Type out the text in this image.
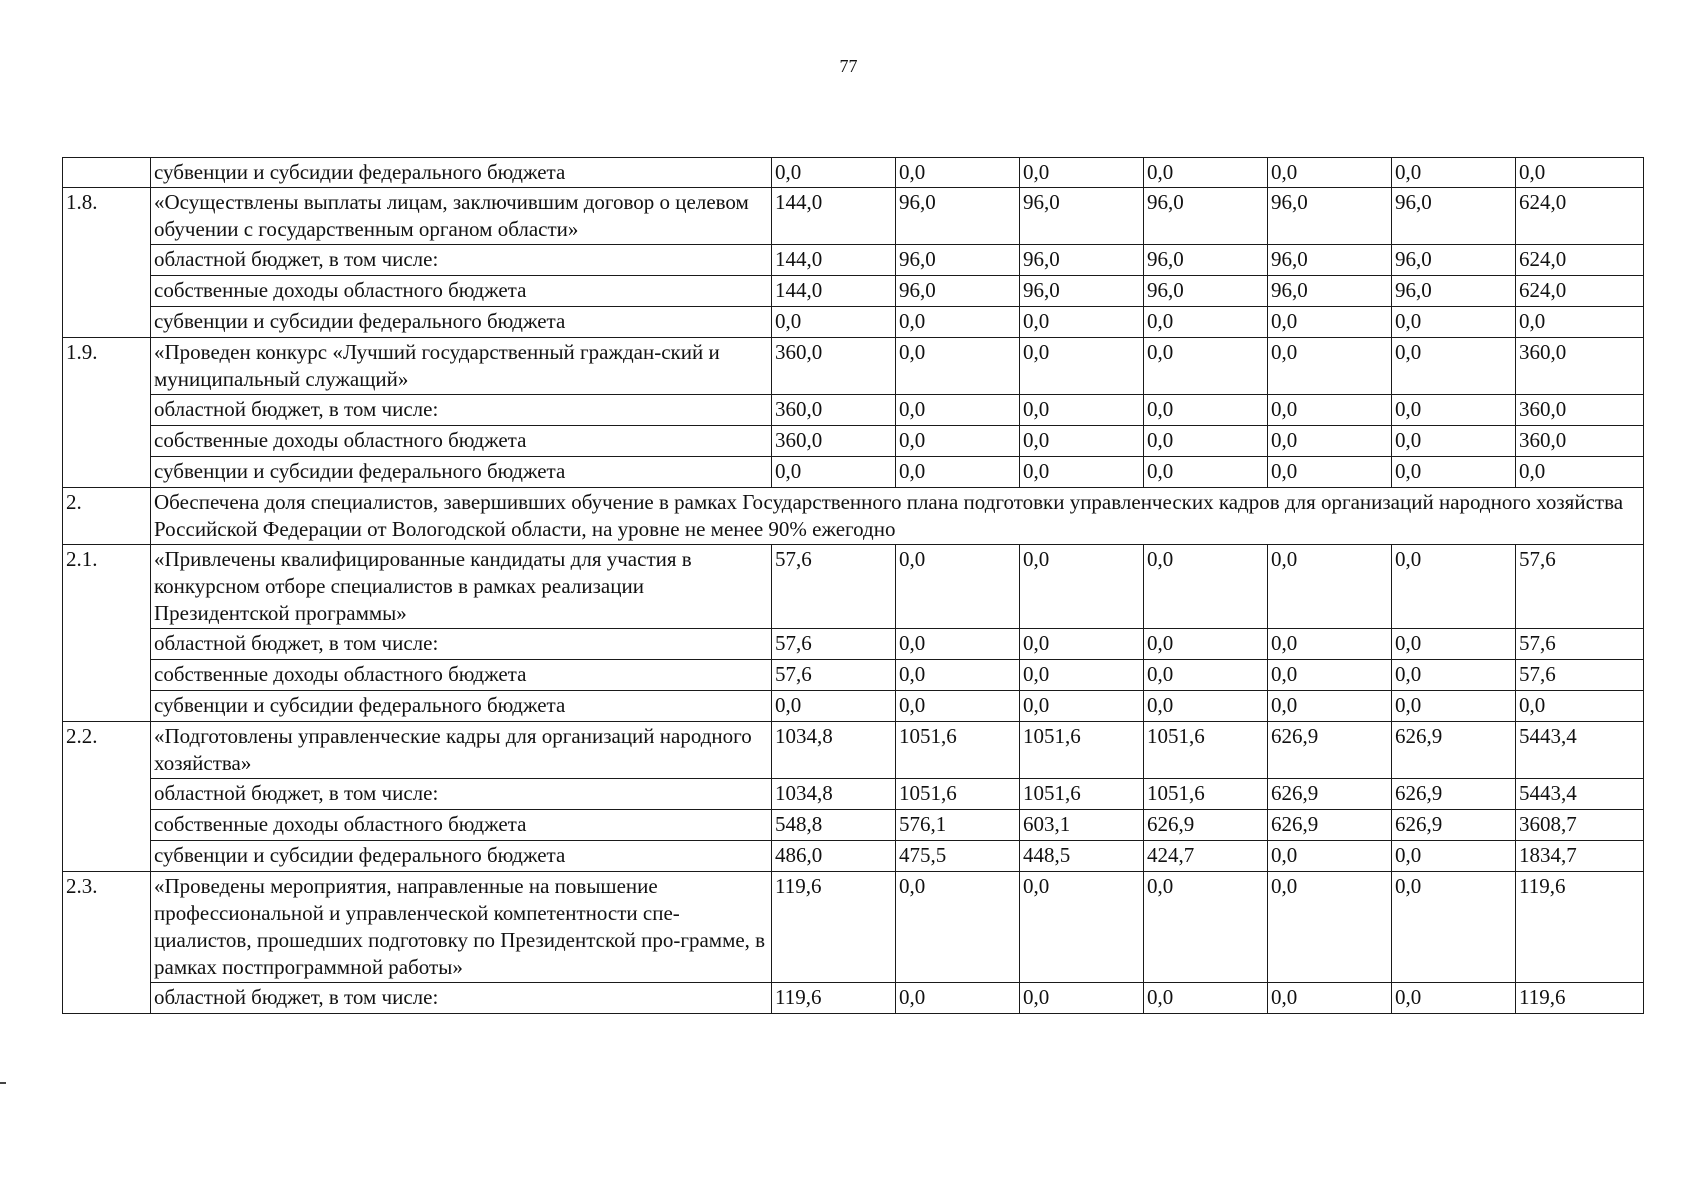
77
	субвенции и субсидии федерального бюджета	0,0	0,0	0,0	0,0	0,0	0,0	0,0
1.8.	«Осуществлены выплаты лицам, заключившим договор о целевом обучении с государственным органом области»	144,0	96,0	96,0	96,0	96,0	96,0	624,0
	областной бюджет, в том числе:	144,0	96,0	96,0	96,0	96,0	96,0	624,0
	собственные доходы областного бюджета	144,0	96,0	96,0	96,0	96,0	96,0	624,0
	субвенции и субсидии федерального бюджета	0,0	0,0	0,0	0,0	0,0	0,0	0,0
1.9.	«Проведен конкурс «Лучший государственный граждан-ский и муниципальный служащий»	360,0	0,0	0,0	0,0	0,0	0,0	360,0
	областной бюджет, в том числе:	360,0	0,0	0,0	0,0	0,0	0,0	360,0
	собственные доходы областного бюджета	360,0	0,0	0,0	0,0	0,0	0,0	360,0
	субвенции и субсидии федерального бюджета	0,0	0,0	0,0	0,0	0,0	0,0	0,0
2.	Обеспечена доля специалистов, завершивших обучение в рамках Государственного плана подготовки управленческих кадров для организаций народного хозяйства Российской Федерации от Вологодской области, на уровне не менее 90% ежегодно							
2.1.	«Привлечены квалифицированные кандидаты для участия в конкурсном отборе специалистов в рамках реализации Президентской программы»	57,6	0,0	0,0	0,0	0,0	0,0	57,6
	областной бюджет, в том числе:	57,6	0,0	0,0	0,0	0,0	0,0	57,6
	собственные доходы областного бюджета	57,6	0,0	0,0	0,0	0,0	0,0	57,6
	субвенции и субсидии федерального бюджета	0,0	0,0	0,0	0,0	0,0	0,0	0,0
2.2.	«Подготовлены управленческие кадры для организаций народного хозяйства»	1034,8	1051,6	1051,6	1051,6	626,9	626,9	5443,4
	областной бюджет, в том числе:	1034,8	1051,6	1051,6	1051,6	626,9	626,9	5443,4
	собственные доходы областного бюджета	548,8	576,1	603,1	626,9	626,9	626,9	3608,7
	субвенции и субсидии федерального бюджета	486,0	475,5	448,5	424,7	0,0	0,0	1834,7
2.3.	«Проведены мероприятия, направленные на повышение профессиональной и управленческой компетентности спе-циалистов, прошедших подготовку по Президентской про-грамме, в рамках постпрограммной работы»	119,6	0,0	0,0	0,0	0,0	0,0	119,6
	областной бюджет, в том числе:	119,6	0,0	0,0	0,0	0,0	0,0	119,6
